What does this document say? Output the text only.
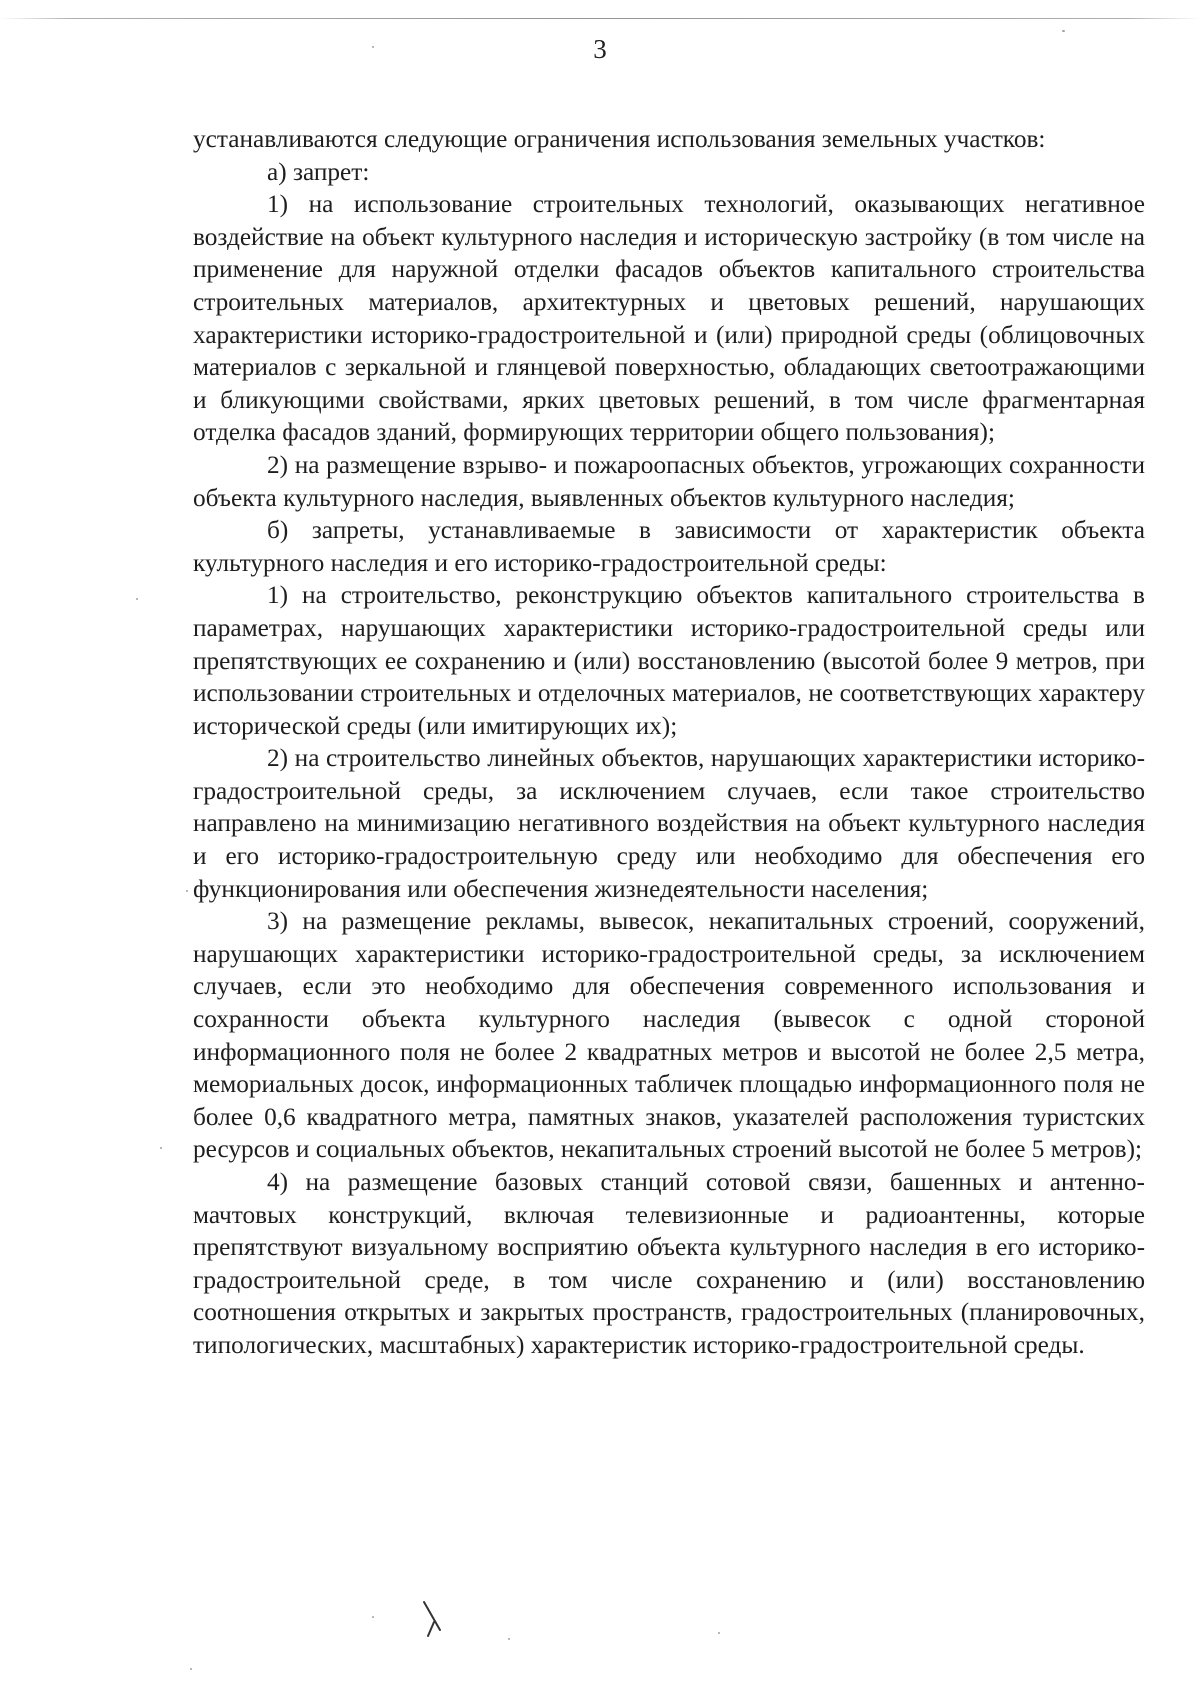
3

устанавливаются следующие ограничения использования земельных участков:

а) запрет:

1) на использование строительных технологий, оказывающих негативное воздействие на объект культурного наследия и историческую застройку (в том числе на применение для наружной отделки фасадов объектов капитального строительства строительных материалов, архитектурных и цветовых решений, нарушающих характеристики историко-градостроительной и (или) природной среды (облицовочных материалов с зеркальной и глянцевой поверхностью, обладающих светоотражающими и бликующими свойствами, ярких цветовых решений, в том числе фрагментарная отделка фасадов зданий, формирующих территории общего пользования);

2) на размещение взрыво- и пожароопасных объектов, угрожающих сохранности объекта культурного наследия, выявленных объектов культурного наследия;

б) запреты, устанавливаемые в зависимости от характеристик объекта культурного наследия и его историко-градостроительной среды:

1) на строительство, реконструкцию объектов капитального строительства в параметрах, нарушающих характеристики историко-градостроительной среды или препятствующих ее сохранению и (или) восстановлению (высотой более 9 метров, при использовании строительных и отделочных материалов, не соответствующих характеру исторической среды (или имитирующих их);

2) на строительство линейных объектов, нарушающих характеристики историко-градостроительной среды, за исключением случаев, если такое строительство направлено на минимизацию негативного воздействия на объект культурного наследия и его историко-градостроительную среду или необходимо для обеспечения его функционирования или обеспечения жизнедеятельности населения;

3) на размещение рекламы, вывесок, некапитальных строений, сооружений, нарушающих характеристики историко-градостроительной среды, за исключением случаев, если это необходимо для обеспечения современного использования и сохранности объекта культурного наследия (вывесок с одной стороной информационного поля не более 2 квадратных метров и высотой не более 2,5 метра, мемориальных досок, информационных табличек площадью информационного поля не более 0,6 квадратного метра, памятных знаков, указателей расположения туристских ресурсов и социальных объектов, некапитальных строений высотой не более 5 метров);

4) на размещение базовых станций сотовой связи, башенных и антенно-мачтовых конструкций, включая телевизионные и радиоантенны, которые препятствуют визуальному восприятию объекта культурного наследия в его историко-градостроительной среде, в том числе сохранению и (или) восстановлению соотношения открытых и закрытых пространств, градостроительных (планировочных, типологических, масштабных) характеристик историко-градостроительной среды.
